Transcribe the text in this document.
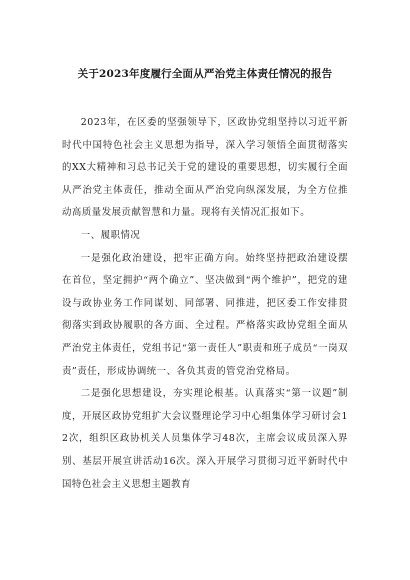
关于2023年度履行全面从严治党主体责任情况的报告

2023年，在区委的坚强领导下，区政协党组坚持以习近平新时代中国特色社会主义思想为指导，深入学习领悟全面贯彻落实的XX大精神和习总书记关于党的建设的重要思想，切实履行全面从严治党主体责任，推动全面从严治党向纵深发展，为全方位推动高质量发展贡献智慧和力量。现将有关情况汇报如下。

一、履职情况

一是强化政治建设，把牢正确方向。始终坚持把政治建设摆在首位，坚定拥护“两个确立”、坚决做到“两个维护”，把党的建设与政协业务工作同谋划、同部署、同推进，把区委工作安排贯彻落实到政协履职的各方面、全过程。严格落实政协党组全面从严治党主体责任，党组书记“第一责任人”职责和班子成员“一岗双责”责任，形成协调统一、各负其责的管党治党格局。

二是强化思想建设，夯实理论根基。认真落实“第一议题”制度，开展区政协党组扩大会议暨理论学习中心组集体学习研讨会12次，组织区政协机关人员集体学习48次，主席会议成员深入界别、基层开展宣讲活动16次。深入开展学习贯彻习近平新时代中国特色社会主义思想主题教育
